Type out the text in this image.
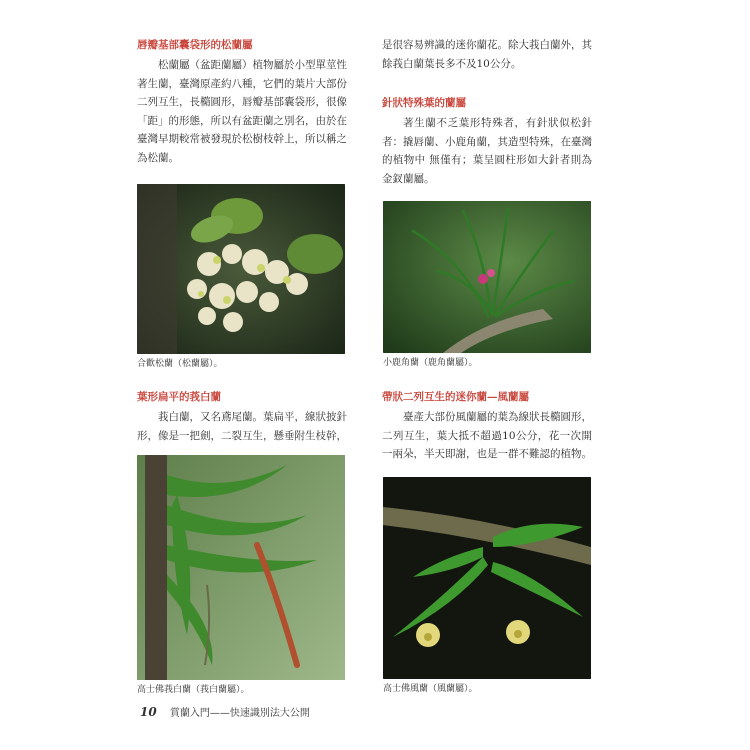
唇瓣基部囊袋形的松蘭屬

松蘭屬（盆距蘭屬）植物屬於小型單莖性著生蘭，臺灣原產約八種，它們的葉片大部份二列互生，長橢圓形，唇瓣基部囊袋形，很像「距」的形態，所以有盆距蘭之別名，由於在臺灣早期較常被發現於松樹枝幹上，所以稱之為松蘭。

合歡松蘭（松蘭屬）。
葉形扁平的莪白蘭

莪白蘭，又名鳶尾蘭。葉扁平，線狀披針形，像是一把劍，二裂互生，懸垂附生枝幹，

高士佛莪白蘭（莪白蘭屬）。

是很容易辨識的迷你蘭花。除大莪白蘭外，其餘莪白蘭葉長多不及10公分。

針狀特殊葉的蘭屬

著生蘭不乏葉形特殊者，有針狀似松針者：撬唇蘭、小鹿角蘭，其造型特殊，在臺灣的植物中 無僅有；葉呈圓柱形如大針者則為金釵蘭屬。

小鹿角蘭（鹿角蘭屬）。
帶狀二列互生的迷你蘭—風蘭屬

臺產大部份風蘭屬的葉為線狀長橢圓形，二列互生，葉大抵不超過10公分，花一次開一兩朵，半天即謝，也是一群不難認的植物。

高士佛風蘭（風蘭屬）。
10 賞蘭入門——快速識別法大公開
